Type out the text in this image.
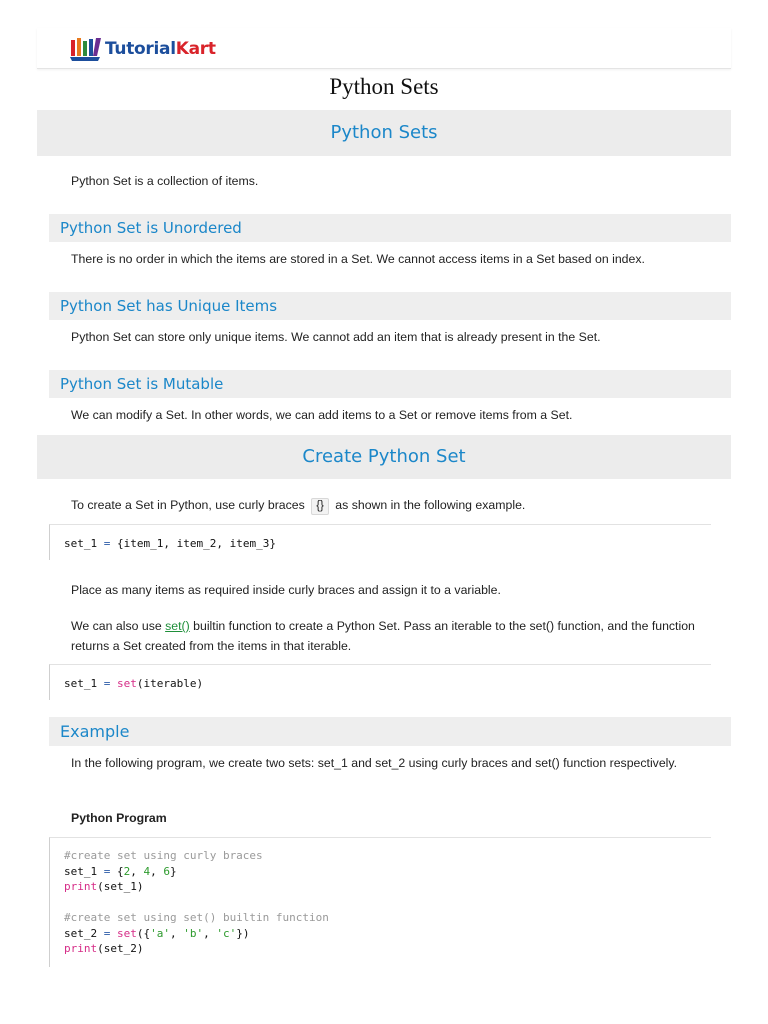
TutorialKart
Python Sets
Python Sets
Python Set is a collection of items.
Python Set is Unordered
There is no order in which the items are stored in a Set. We cannot access items in a Set based on index.
Python Set has Unique Items
Python Set can store only unique items. We cannot add an item that is already present in the Set.
Python Set is Mutable
We can modify a Set. In other words, we can add items to a Set or remove items from a Set.
Create Python Set
To create a Set in Python, use curly braces {} as shown in the following example.
set_1 = {item_1, item_2, item_3}
Place as many items as required inside curly braces and assign it to a variable.
We can also use set() builtin function to create a Python Set. Pass an iterable to the set() function, and the function returns a Set created from the items in that iterable.
set_1 = set(iterable)
Example
In the following program, we create two sets: set_1 and set_2 using curly braces and set() function respectively.
Python Program
#create set using curly braces
set_1 = {2, 4, 6}
print(set_1)

#create set using set() builtin function
set_2 = set({'a', 'b', 'c'})
print(set_2)
